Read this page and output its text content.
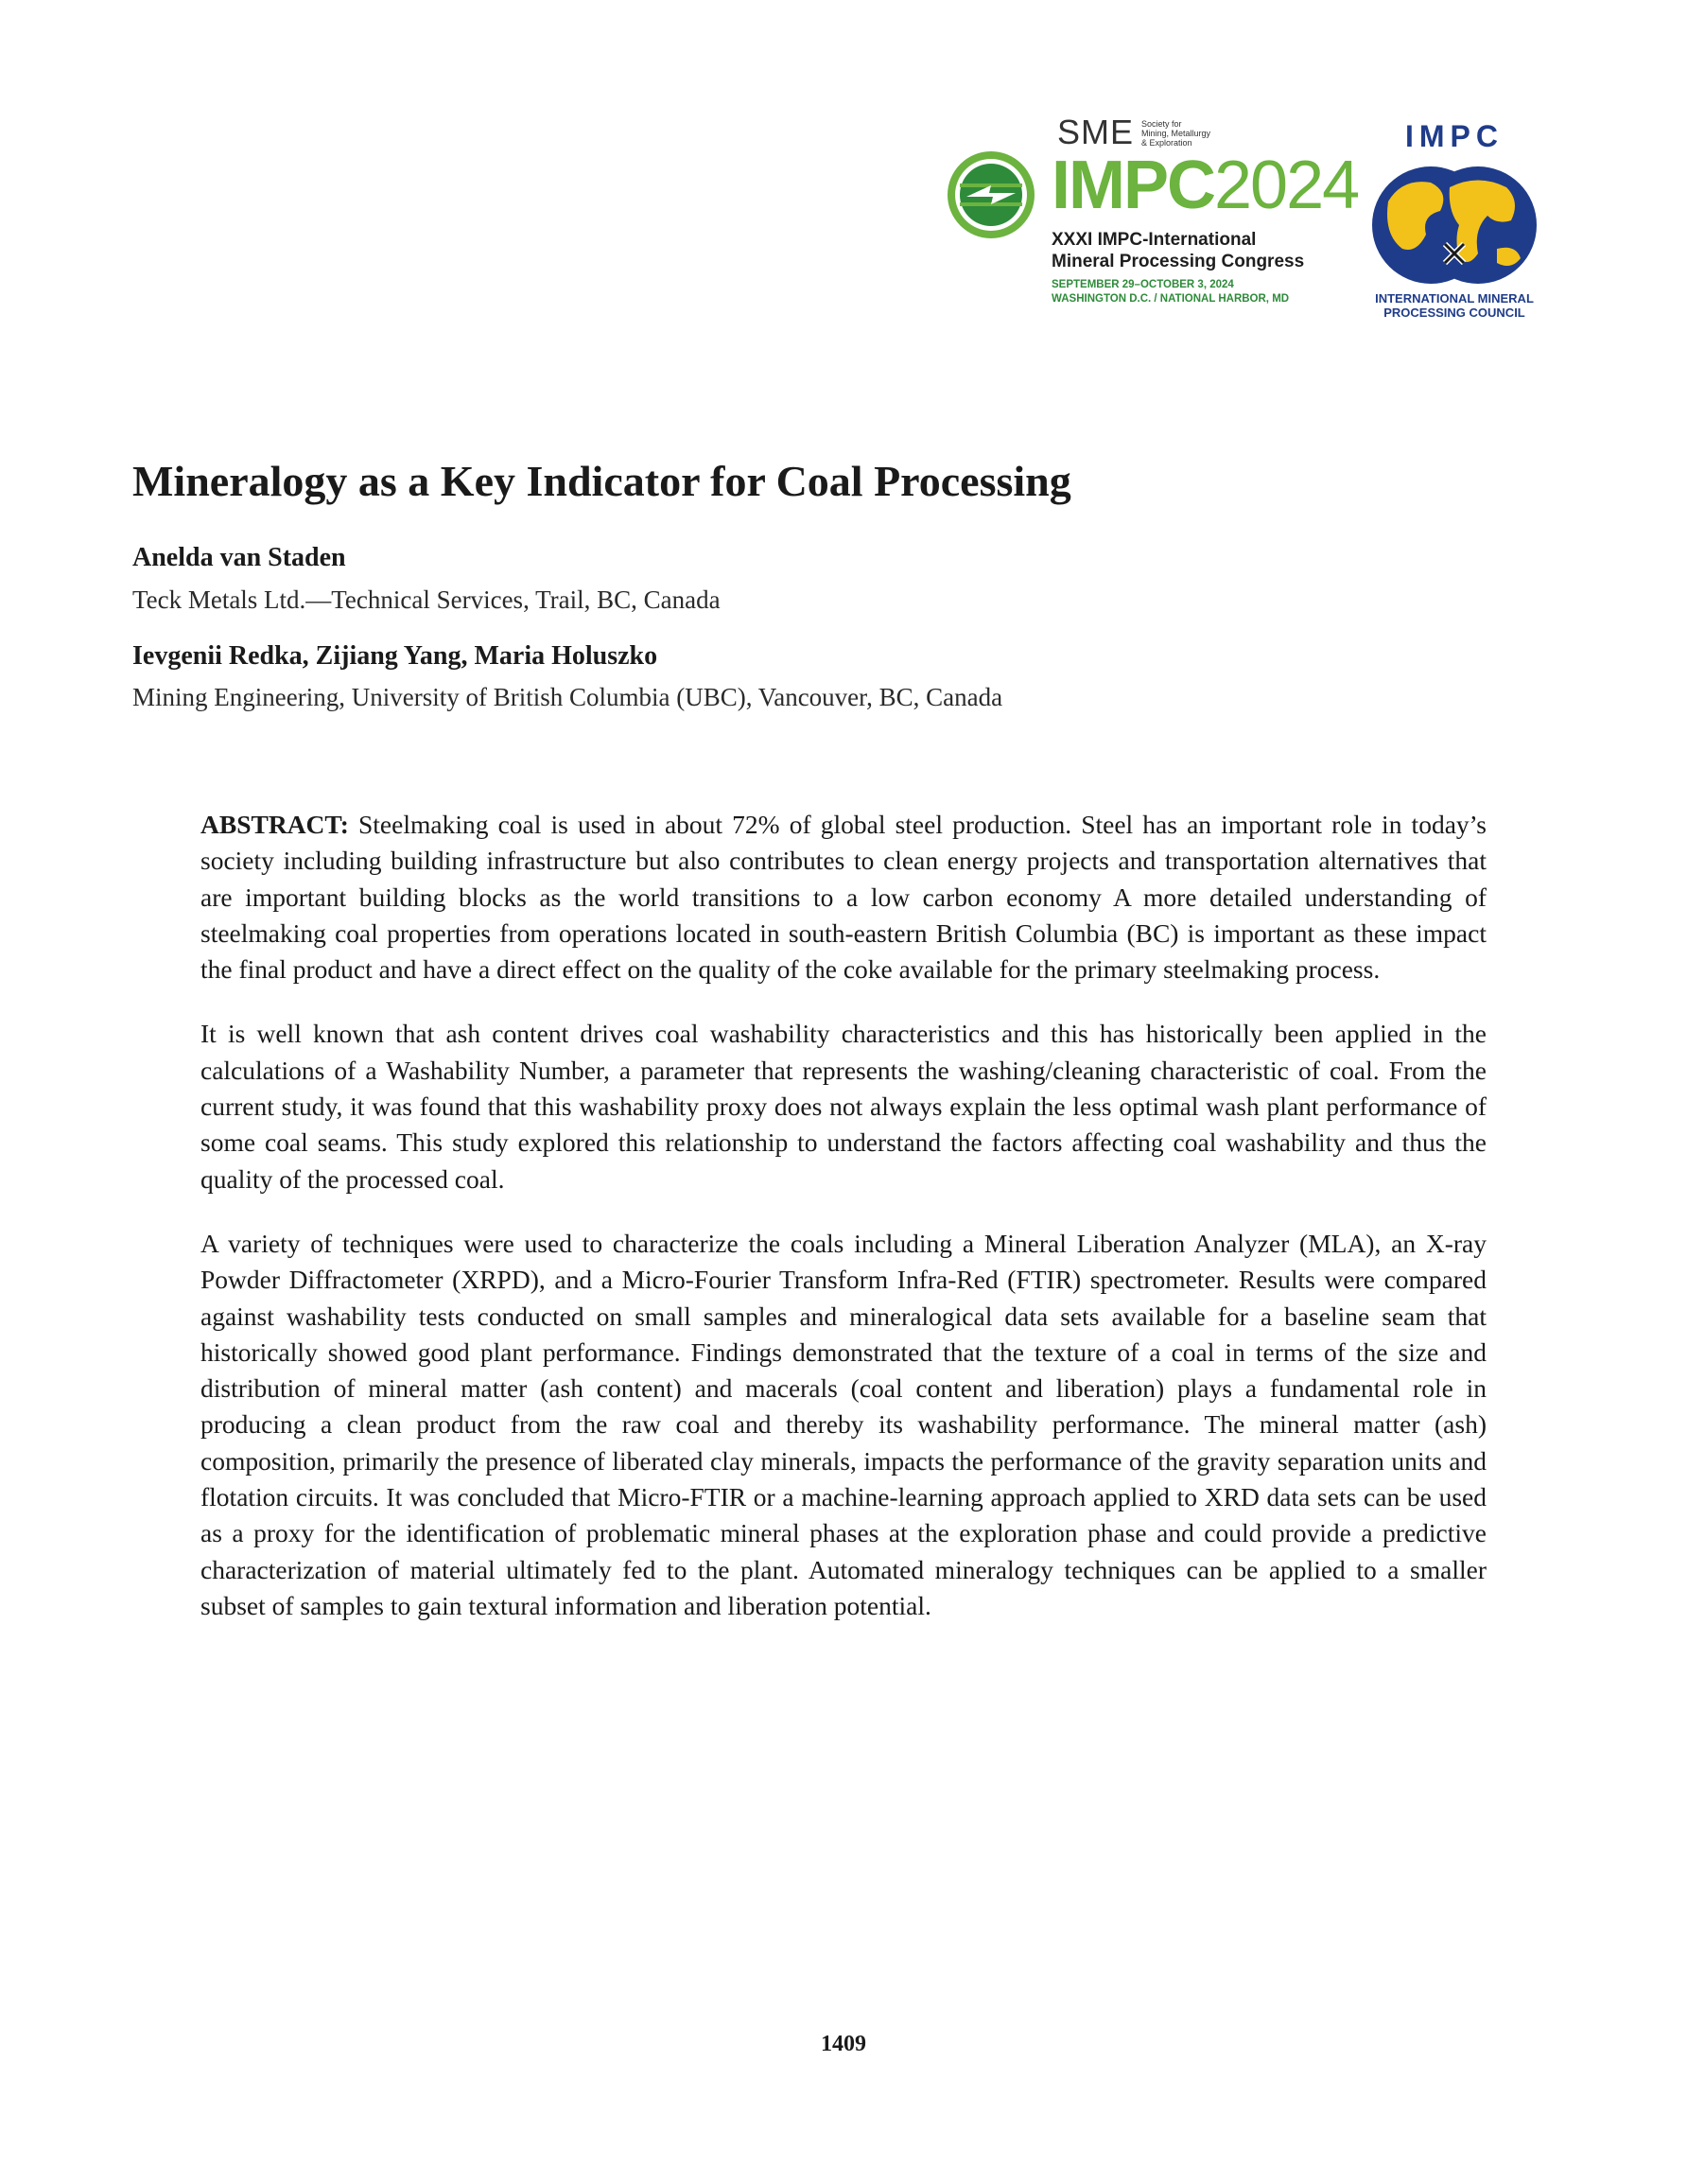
SME Society for
Mining, Metallurgy
& Exploration
IMPC2024
XXXI IMPC-International
Mineral Processing Congress
SEPTEMBER 29–OCTOBER 3, 2024
WASHINGTON D.C. / NATIONAL HARBOR, MD
IMPC
INTERNATIONAL MINERAL
PROCESSING COUNCIL
Mineralogy as a Key Indicator for Coal Processing

Anelda van Staden

Teck Metals Ltd.—Technical Services, Trail, BC, Canada

Ievgenii Redka, Zijiang Yang, Maria Holuszko

Mining Engineering, University of British Columbia (UBC), Vancouver, BC, Canada

ABSTRACT: Steelmaking coal is used in about 72% of global steel production. Steel has an important role in today’s society including building infrastructure but also contributes to clean energy projects and transportation alternatives that are important building blocks as the world transitions to a low carbon economy A more detailed understanding of steelmaking coal properties from operations located in south-eastern British Columbia (BC) is important as these impact the final product and have a direct effect on the quality of the coke available for the primary steelmaking process.

It is well known that ash content drives coal washability characteristics and this has historically been applied in the calculations of a Washability Number, a parameter that represents the washing/cleaning characteristic of coal. From the current study, it was found that this washability proxy does not always explain the less optimal wash plant performance of some coal seams. This study explored this relationship to understand the factors affecting coal washability and thus the quality of the processed coal.

A variety of techniques were used to characterize the coals including a Mineral Liberation Analyzer (MLA), an X-ray Powder Diffractometer (XRPD), and a Micro-Fourier Transform Infra-Red (FTIR) spectrometer. Results were compared against washability tests conducted on small samples and mineralogical data sets available for a baseline seam that historically showed good plant performance. Findings demonstrated that the texture of a coal in terms of the size and distribution of mineral matter (ash content) and macerals (coal content and liberation) plays a fundamental role in producing a clean product from the raw coal and thereby its washability performance. The mineral matter (ash) composition, primarily the presence of liberated clay minerals, impacts the performance of the gravity separation units and flotation circuits. It was concluded that Micro-FTIR or a machine-learning approach applied to XRD data sets can be used as a proxy for the identification of problematic mineral phases at the exploration phase and could provide a predictive characterization of material ultimately fed to the plant. Automated mineralogy techniques can be applied to a smaller subset of samples to gain textural information and liberation potential.

1409
